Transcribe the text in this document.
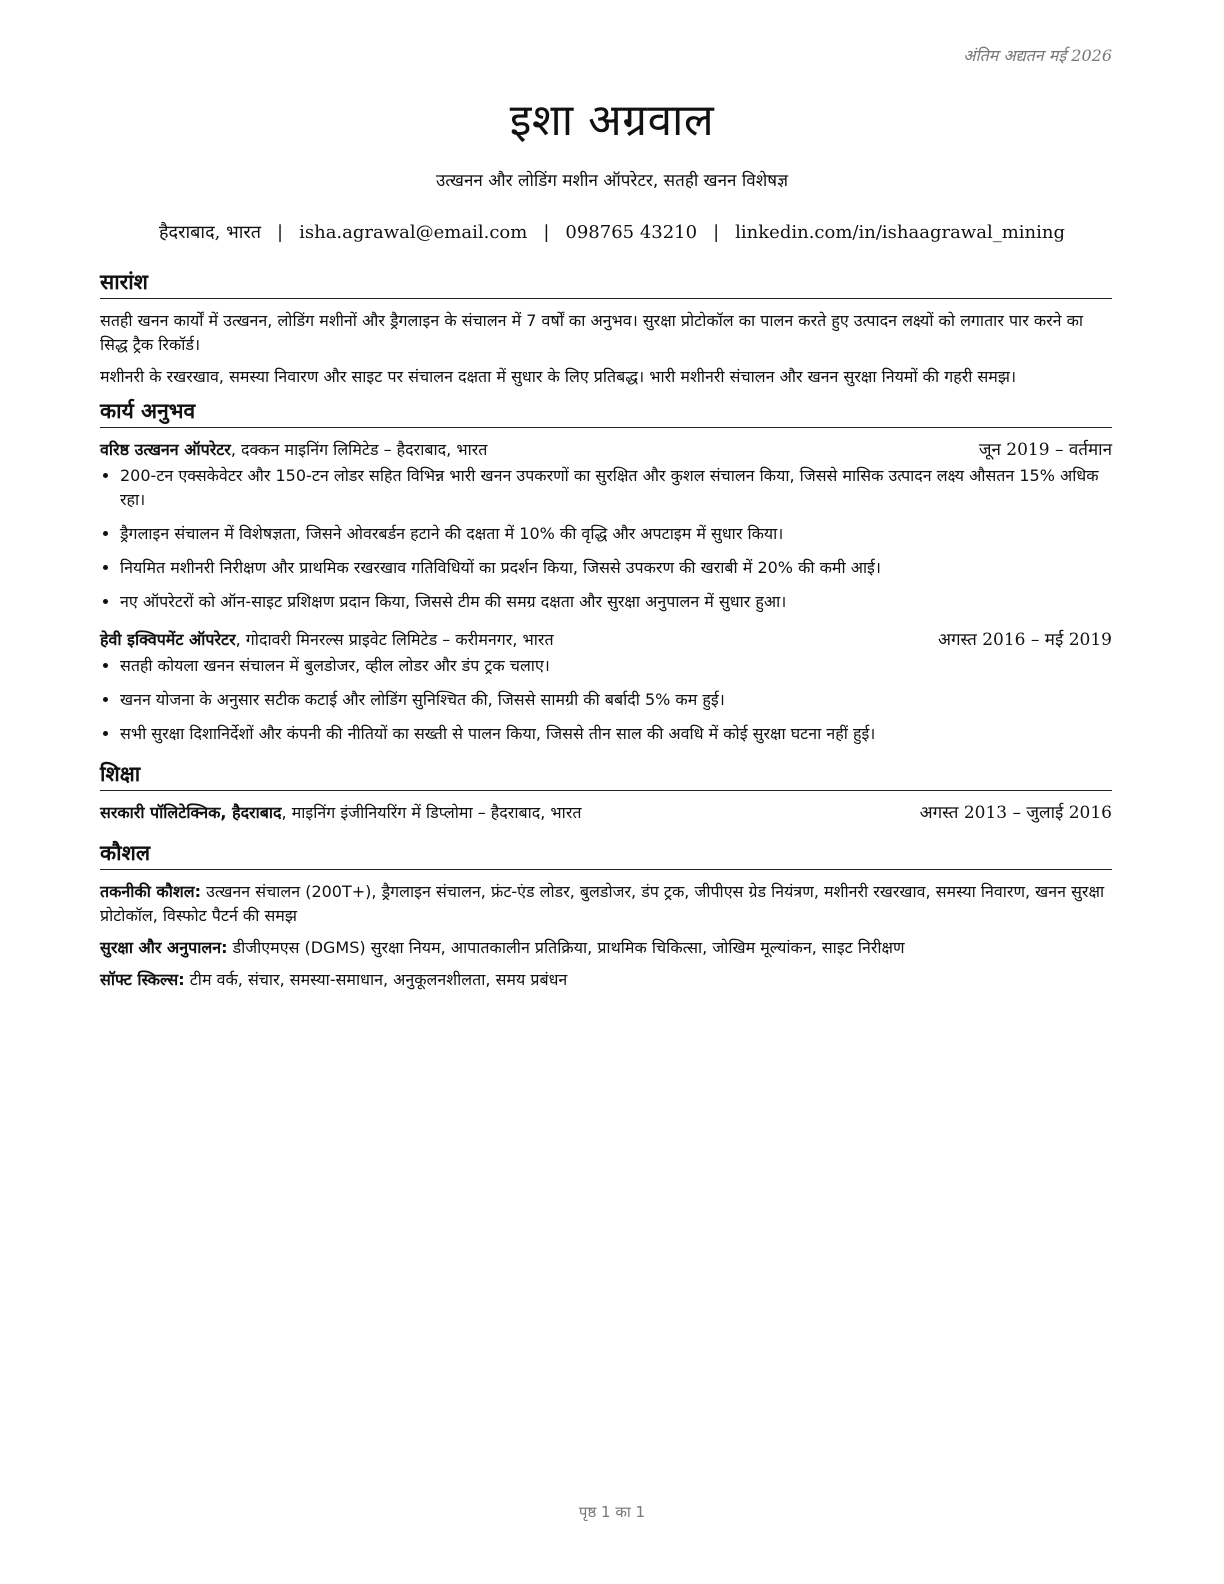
अंतिम अद्यतन मई 2026
इशा अग्रवाल
उत्खनन और लोडिंग मशीन ऑपरेटर, सतही खनन विशेषज्ञ
हैदराबाद, भारत | isha.agrawal@email.com | 098765 43210 | linkedin.com/in/ishaagrawal_mining
सारांश

सतही खनन कार्यों में उत्खनन, लोडिंग मशीनों और ड्रैगलाइन के संचालन में 7 वर्षों का अनुभव। सुरक्षा प्रोटोकॉल का पालन करते हुए उत्पादन लक्ष्यों को लगातार पार करने का सिद्ध ट्रैक रिकॉर्ड।

मशीनरी के रखरखाव, समस्या निवारण और साइट पर संचालन दक्षता में सुधार के लिए प्रतिबद्ध। भारी मशीनरी संचालन और खनन सुरक्षा नियमों की गहरी समझ।

कार्य अनुभव
वरिष्ठ उत्खनन ऑपरेटर, दक्कन माइनिंग लिमिटेड – हैदराबाद, भारत	जून 2019 – वर्तमान
• 200-टन एक्सकेवेटर और 150-टन लोडर सहित विभिन्न भारी खनन उपकरणों का सुरक्षित और कुशल संचालन किया, जिससे मासिक उत्पादन लक्ष्य औसतन 15% अधिक रहा।
• ड्रैगलाइन संचालन में विशेषज्ञता, जिसने ओवरबर्डन हटाने की दक्षता में 10% की वृद्धि और अपटाइम में सुधार किया।
• नियमित मशीनरी निरीक्षण और प्राथमिक रखरखाव गतिविधियों का प्रदर्शन किया, जिससे उपकरण की खराबी में 20% की कमी आई।
• नए ऑपरेटरों को ऑन-साइट प्रशिक्षण प्रदान किया, जिससे टीम की समग्र दक्षता और सुरक्षा अनुपालन में सुधार हुआ।
हेवी इक्विपमेंट ऑपरेटर, गोदावरी मिनरल्स प्राइवेट लिमिटेड – करीमनगर, भारत	अगस्त 2016 – मई 2019
• सतही कोयला खनन संचालन में बुलडोजर, व्हील लोडर और डंप ट्रक चलाए।
• खनन योजना के अनुसार सटीक कटाई और लोडिंग सुनिश्चित की, जिससे सामग्री की बर्बादी 5% कम हुई।
• सभी सुरक्षा दिशानिर्देशों और कंपनी की नीतियों का सख्ती से पालन किया, जिससे तीन साल की अवधि में कोई सुरक्षा घटना नहीं हुई।
शिक्षा
सरकारी पॉलिटेक्निक, हैदराबाद, माइनिंग इंजीनियरिंग में डिप्लोमा – हैदराबाद, भारत	अगस्त 2013 – जुलाई 2016
कौशल
तकनीकी कौशल: उत्खनन संचालन (200T+), ड्रैगलाइन संचालन, फ्रंट-एंड लोडर, बुलडोजर, डंप ट्रक, जीपीएस ग्रेड नियंत्रण, मशीनरी रखरखाव, समस्या निवारण, खनन सुरक्षा प्रोटोकॉल, विस्फोट पैटर्न की समझ
सुरक्षा और अनुपालन: डीजीएमएस (DGMS) सुरक्षा नियम, आपातकालीन प्रतिक्रिया, प्राथमिक चिकित्सा, जोखिम मूल्यांकन, साइट निरीक्षण
सॉफ्ट स्किल्स: टीम वर्क, संचार, समस्या-समाधान, अनुकूलनशीलता, समय प्रबंधन
पृष्ठ 1 का 1
